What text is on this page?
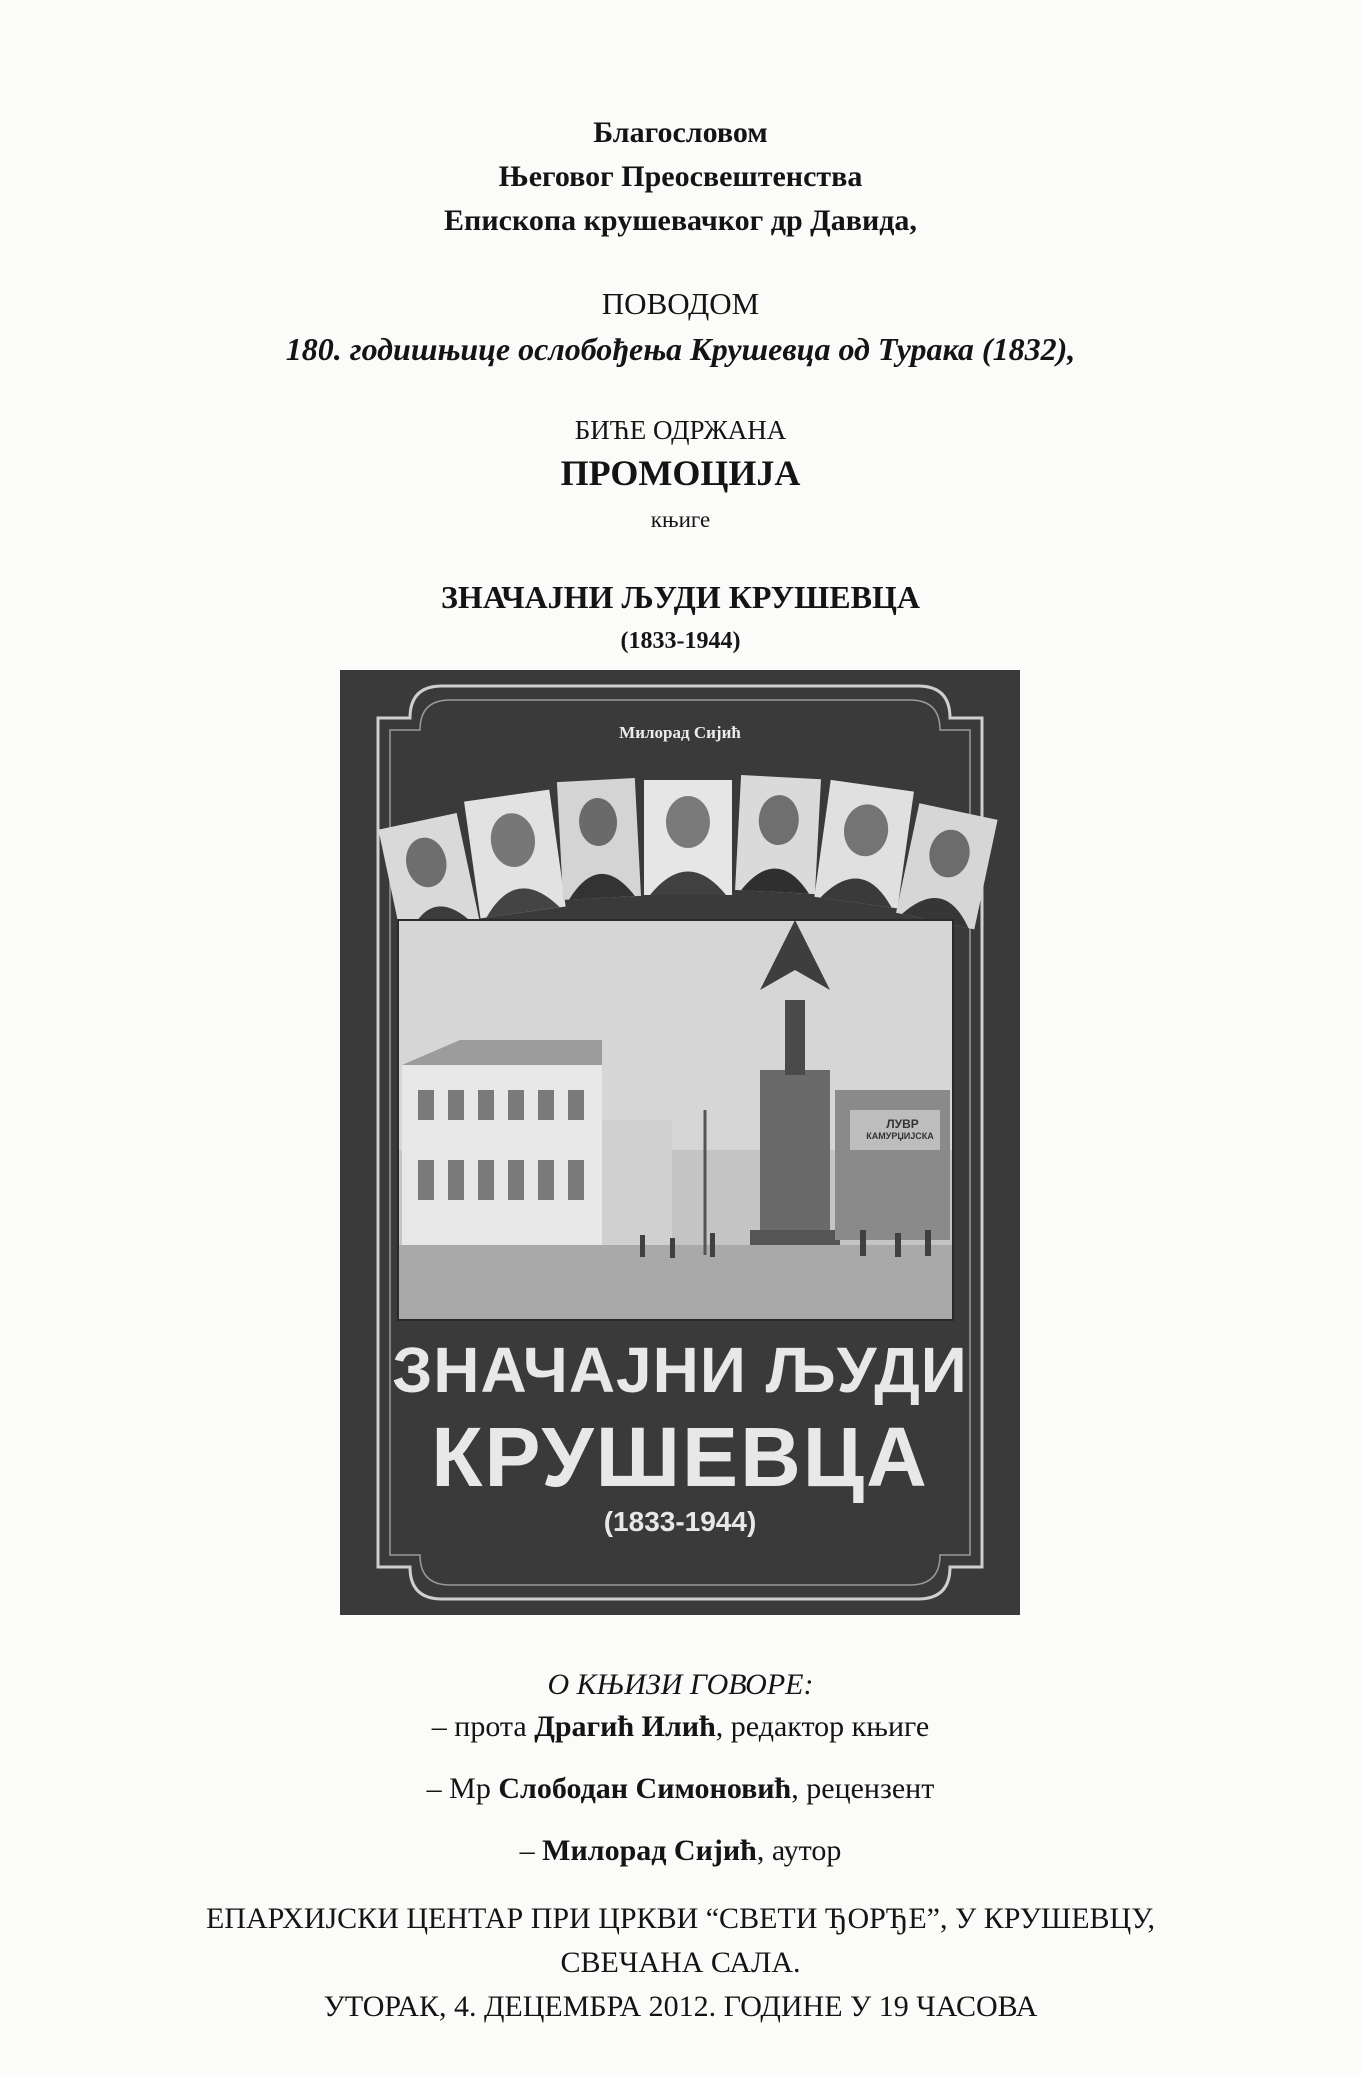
Благословом
Његовог Преосвештенства
Епископа крушевачког др Давида,
ПОВОДОМ
180. годишњице ослобођења Крушевца од Турака (1832),
БИЋЕ ОДРЖАНА
ПРОМОЦИЈА
књиге
ЗНАЧАЈНИ ЉУДИ КРУШЕВЦА
(1833-1944)
Милорад Сијић
ЛУВР
КАМУРЏИЈСКА
ЗНАЧАЈНИ ЉУДИ
КРУШЕВЦА
(1833-1944)
О КЊИЗИ ГОВОРЕ:
– прота Драгић Илић, редактор књиге
– Мр Слободан Симоновић, рецензент
– Милорад Сијић, аутор
ЕПАРХИЈСКИ ЦЕНТАР ПРИ ЦРКВИ “СВЕТИ ЂОРЂЕ”, У КРУШЕВЦУ,
СВЕЧАНА САЛА.
УТОРАК, 4. ДЕЦЕМБРА 2012. ГОДИНЕ У 19 ЧАСОВА
